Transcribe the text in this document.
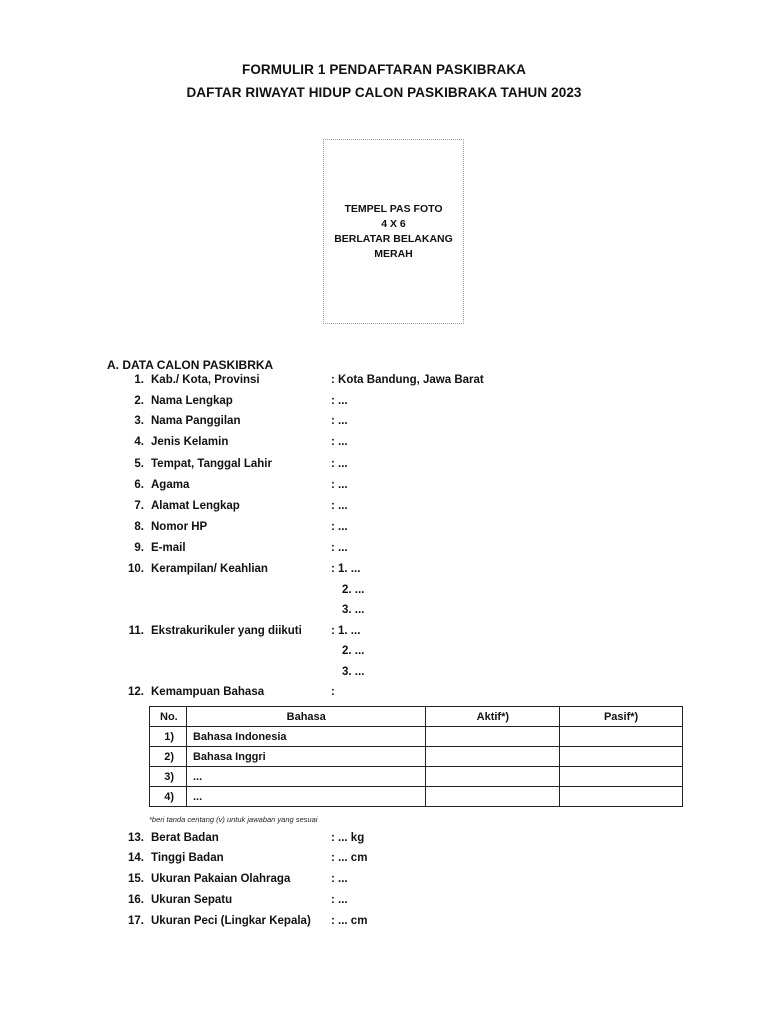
FORMULIR 1 PENDAFTARAN PASKIBRAKA
DAFTAR RIWAYAT HIDUP CALON PASKIBRAKA TAHUN 2023
TEMPEL PAS FOTO
4 X 6
BERLATAR BELAKANG
MERAH
A. DATA CALON PASKIBRKA
1. Kab./ Kota, Provinsi	: Kota Bandung, Jawa Barat
2. Nama Lengkap	: ...
3. Nama Panggilan	: ...
4. Jenis Kelamin	: ...
5. Tempat, Tanggal Lahir	: ...
6. Agama	: ...
7. Alamat Lengkap	: ...
8. Nomor HP	: ...
9. E-mail	: ...
10. Kerampilan/ Keahlian	: 1. ...
2. ...
3. ...
11. Ekstrakurikuler yang diikuti	: 1. ...
2. ...
3. ...
12. Kemampuan Bahasa	:
No.	Bahasa	Aktif*)	Pasif*)
1)	Bahasa Indonesia		
2)	Bahasa Inggri		
3)	...		
4)	...		
*beri tanda centang (v) untuk jawaban yang sesuai
13. Berat Badan	: ... kg
14. Tinggi Badan	: ... cm
15. Ukuran Pakaian Olahraga	: ...
16. Ukuran Sepatu	: ...
17. Ukuran Peci (Lingkar Kepala) : ... cm
